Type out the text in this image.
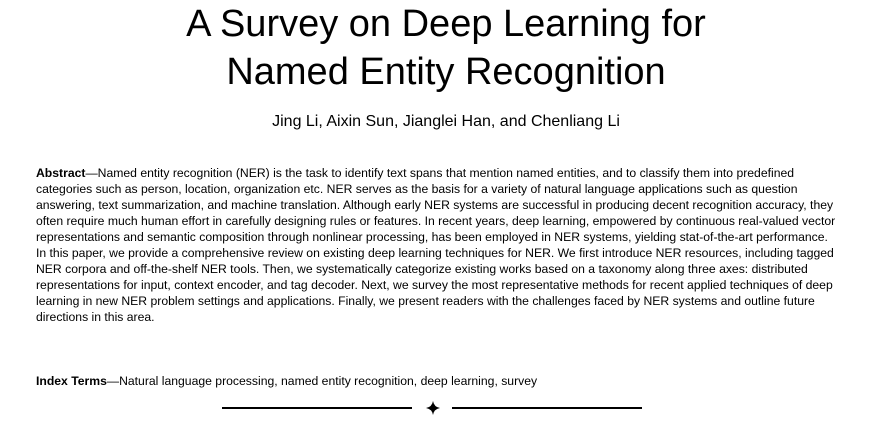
A Survey on Deep Learning for
Named Entity Recognition
Jing Li, Aixin Sun, Jianglei Han, and Chenliang Li

Abstract—Named entity recognition (NER) is the task to identify text spans that mention named entities, and to classify them into predefined categories such as person, location, organization etc. NER serves as the basis for a variety of natural language applications such as question answering, text summarization, and machine translation. Although early NER systems are successful in producing decent recognition accuracy, they often require much human effort in carefully designing rules or features. In recent years, deep learning, empowered by continuous real-valued vector representations and semantic composition through nonlinear processing, has been employed in NER systems, yielding stat-of-the-art performance. In this paper, we provide a comprehensive review on existing deep learning techniques for NER. We first introduce NER resources, including tagged NER corpora and off-the-shelf NER tools. Then, we systematically categorize existing works based on a taxonomy along three axes: distributed representations for input, context encoder, and tag decoder. Next, we survey the most representative methods for recent applied techniques of deep learning in new NER problem settings and applications. Finally, we present readers with the challenges faced by NER systems and outline future directions in this area.

Index Terms—Natural language processing, named entity recognition, deep learning, survey
